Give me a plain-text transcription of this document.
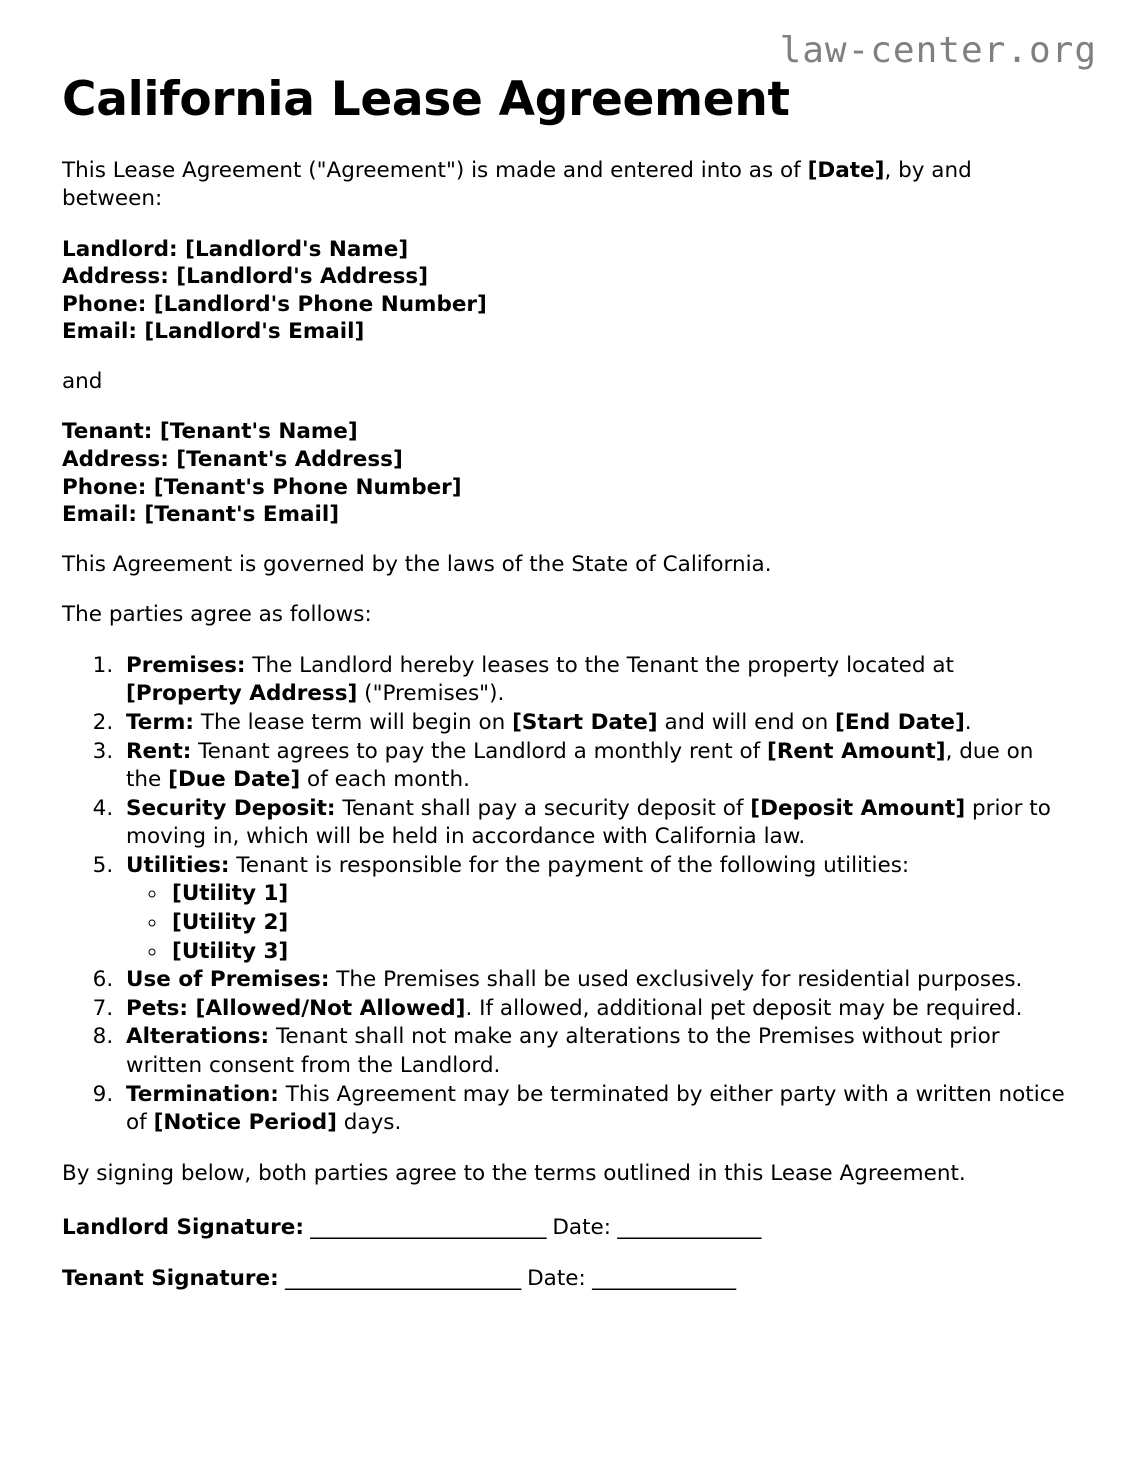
law-center.org
California Lease Agreement

This Lease Agreement ("Agreement") is made and entered into as of [Date], by and between:

Landlord: [Landlord's Name]
Address: [Landlord's Address]
Phone: [Landlord's Phone Number]
Email: [Landlord's Email]

and

Tenant: [Tenant's Name]
Address: [Tenant's Address]
Phone: [Tenant's Phone Number]
Email: [Tenant's Email]

This Agreement is governed by the laws of the State of California.

The parties agree as follows:

1. Premises: The Landlord hereby leases to the Tenant the property located at [Property Address] ("Premises").
2. Term: The lease term will begin on [Start Date] and will end on [End Date].
3. Rent: Tenant agrees to pay the Landlord a monthly rent of [Rent Amount], due on the [Due Date] of each month.
4. Security Deposit: Tenant shall pay a security deposit of [Deposit Amount] prior to moving in, which will be held in accordance with California law.
5. Utilities: Tenant is responsible for the payment of the following utilities:
◦ [Utility 1]
◦ [Utility 2]
◦ [Utility 3]
6. Use of Premises: The Premises shall be used exclusively for residential purposes.
7. Pets: [Allowed/Not Allowed]. If allowed, additional pet deposit may be required.
8. Alterations: Tenant shall not make any alterations to the Premises without prior written consent from the Landlord.
9. Termination: This Agreement may be terminated by either party with a written notice of [Notice Period] days.

By signing below, both parties agree to the terms outlined in this Lease Agreement.

Landlord Signature: _______________________ Date: ______________
Tenant Signature: _______________________ Date: ______________
